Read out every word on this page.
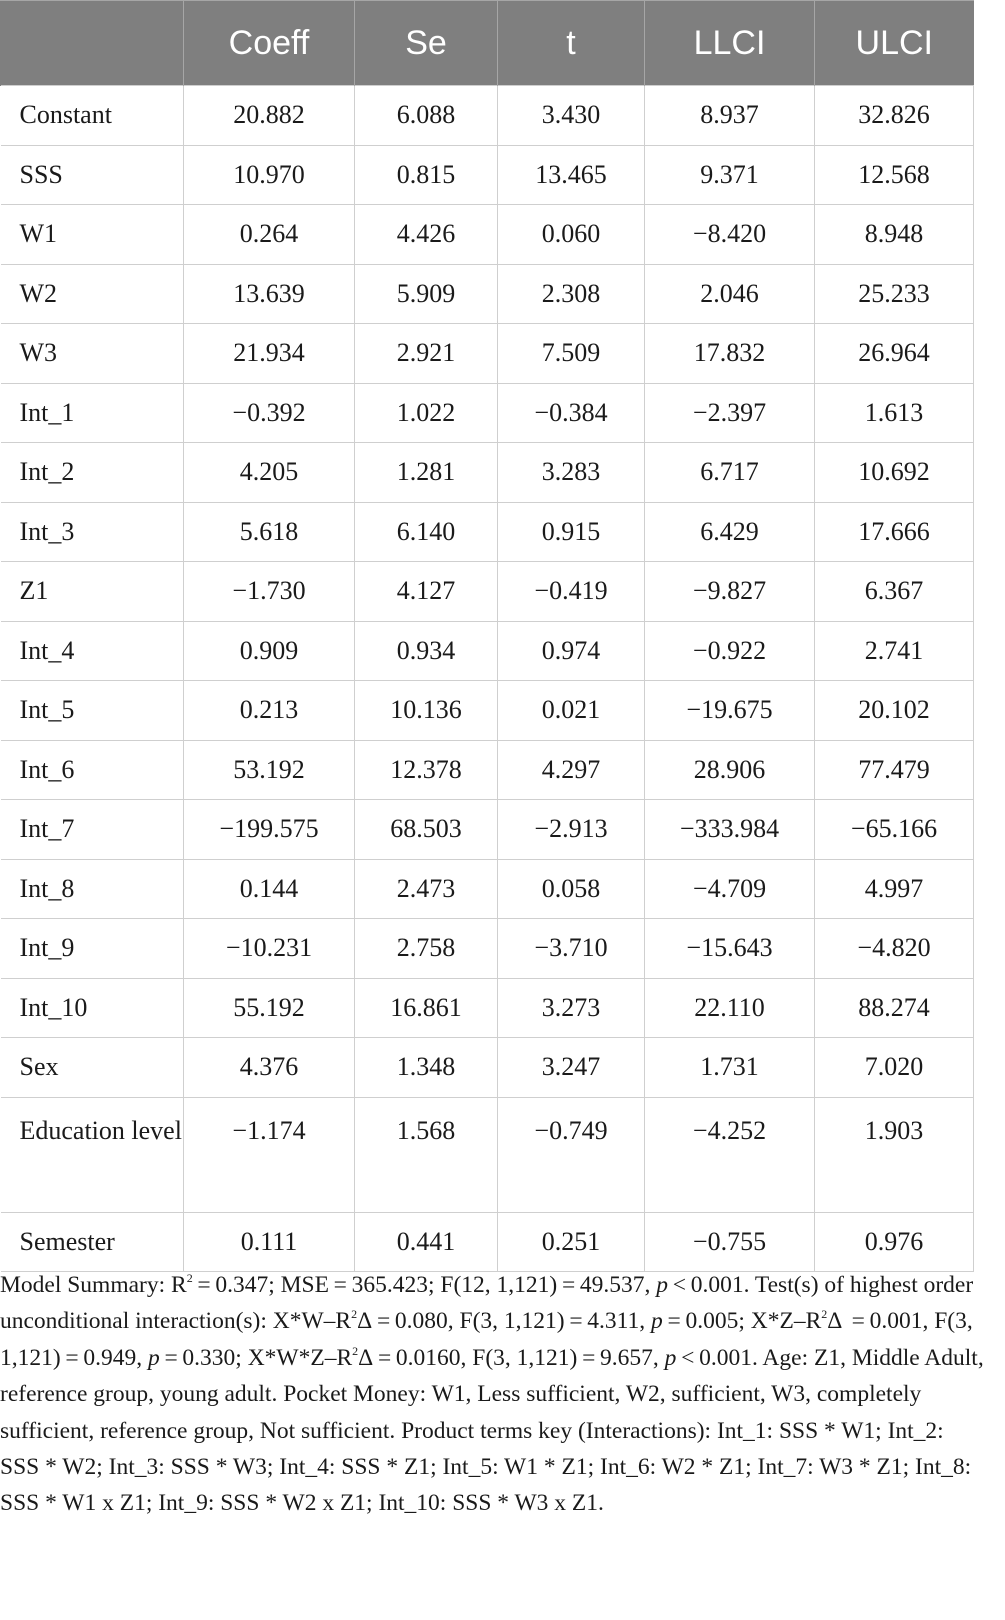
	Coeff	Se	t	LLCI	ULCI
Constant	20.882	6.088	3.430	8.937	32.826
SSS	10.970	0.815	13.465	9.371	12.568
W1	0.264	4.426	0.060	−8.420	8.948
W2	13.639	5.909	2.308	2.046	25.233
W3	21.934	2.921	7.509	17.832	26.964
Int_1	−0.392	1.022	−0.384	−2.397	1.613
Int_2	4.205	1.281	3.283	6.717	10.692
Int_3	5.618	6.140	0.915	6.429	17.666
Z1	−1.730	4.127	−0.419	−9.827	6.367
Int_4	0.909	0.934	0.974	−0.922	2.741
Int_5	0.213	10.136	0.021	−19.675	20.102
Int_6	53.192	12.378	4.297	28.906	77.479
Int_7	−199.575	68.503	−2.913	−333.984	−65.166
Int_8	0.144	2.473	0.058	−4.709	4.997
Int_9	−10.231	2.758	−3.710	−15.643	−4.820
Int_10	55.192	16.861	3.273	22.110	88.274
Sex	4.376	1.348	3.247	1.731	7.020
Education level	−1.174	1.568	−0.749	−4.252	1.903
Semester	0.111	0.441	0.251	−0.755	0.976
Model Summary: $R^2 = 0.347$; MSE = 365.423; F(12, 1,121) = 49.537, p < 0.001. Test(s) of highest order unconditional interaction(s): $X*W-R^2\Delta = 0.080$, F(3, 1,121) = 4.311, p = 0.005; $X*Z-R^2\Delta = 0.001$, F(3, 1,121) = 0.949, p = 0.330; $X*W*Z-R^2\Delta = 0.0160$, F(3, 1,121) = 9.657, p < 0.001. Age: Z1, Middle Adult, reference group, young adult. Pocket Money: W1, Less sufficient, W2, sufficient, W3, completely sufficient, reference group, Not sufficient. Product terms key (Interactions): Int_1: SSS * W1; Int_2: SSS * W2; Int_3: SSS * W3; Int_4: SSS * Z1; Int_5: W1 * Z1; Int_6: W2 * Z1; Int_7: W3 * Z1; Int_8: SSS * W1 x Z1; Int_9: SSS * W2 x Z1; Int_10: SSS * W3 x Z1.
